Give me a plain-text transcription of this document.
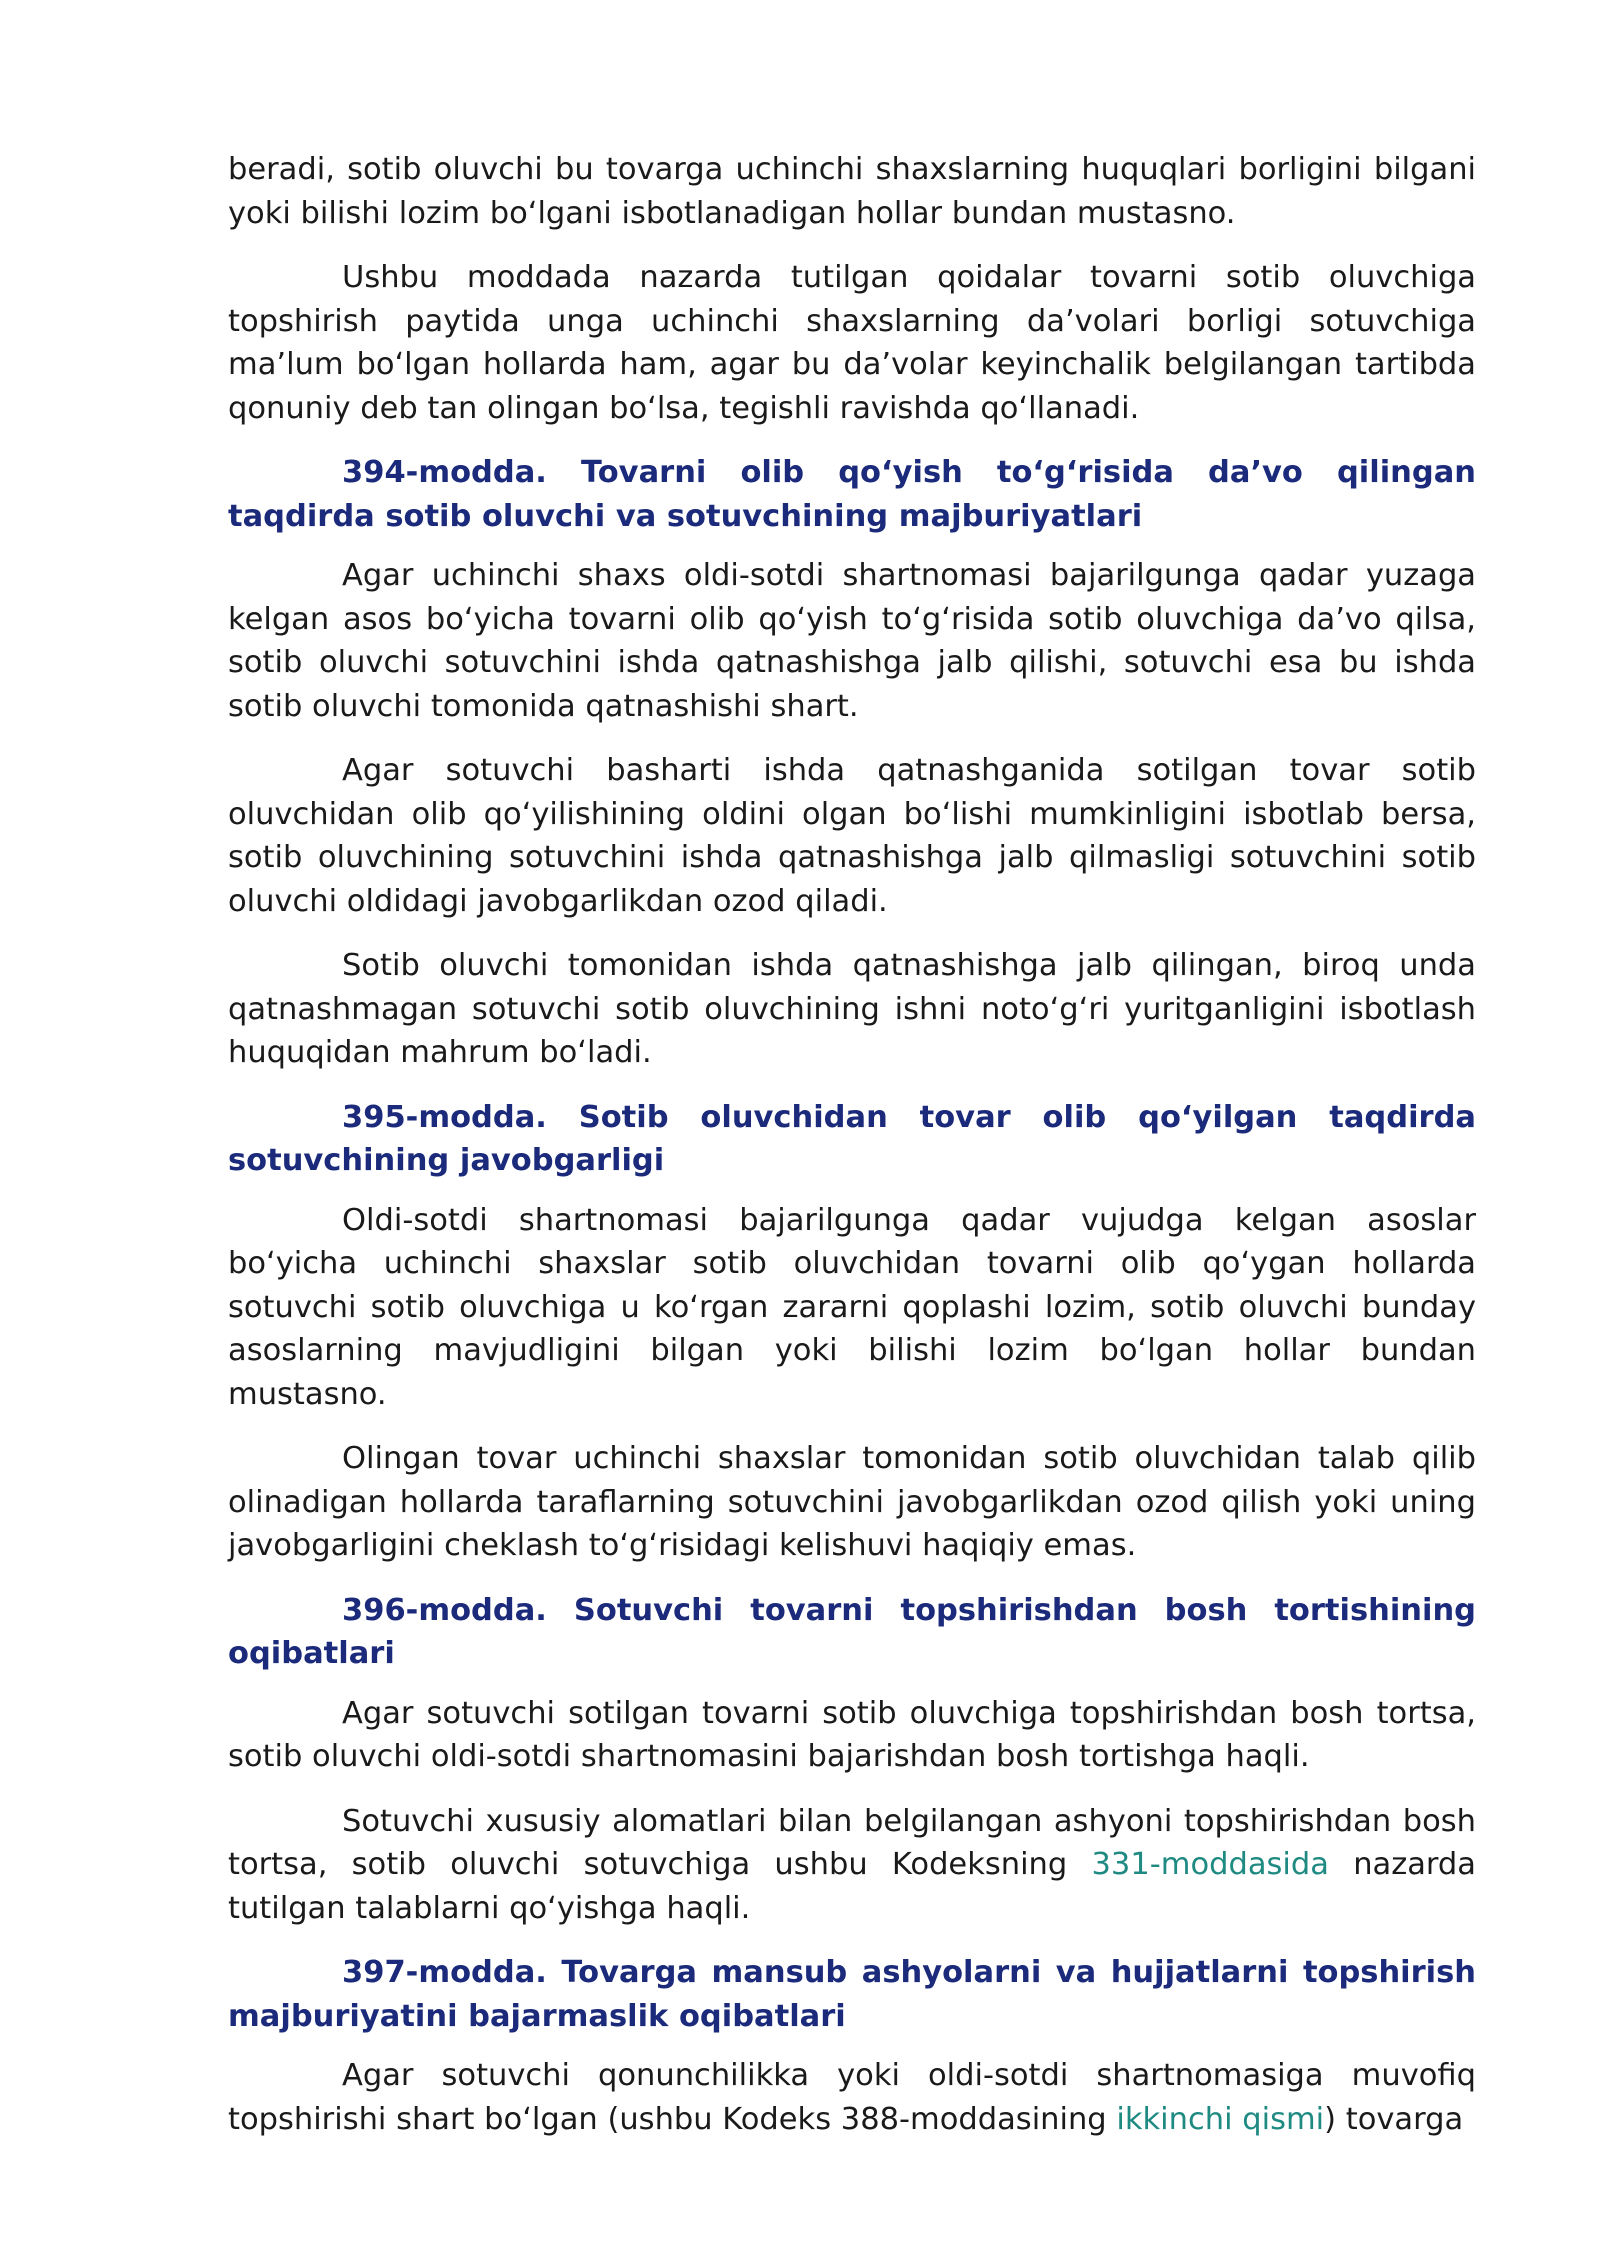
beradi, sotib oluvchi bu tovarga uchinchi shaxslarning huquqlari borligini bilgani yoki bilishi lozim bo‘lgani isbotlanadigan hollar bundan mustasno.

Ushbu moddada nazarda tutilgan qoidalar tovarni sotib oluvchiga topshirish paytida unga uchinchi shaxslarning da’volari borligi sotuvchiga ma’lum bo‘lgan hollarda ham, agar bu da’volar keyinchalik belgilangan tartibda qonuniy deb tan olingan bo‘lsa, tegishli ravishda qo‘llanadi.

394-modda. Tovarni olib qo‘yish to‘g‘risida da’vo qilingan taqdirda sotib oluvchi va sotuvchining majburiyatlari

Agar uchinchi shaxs oldi-sotdi shartnomasi bajarilgunga qadar yuzaga kelgan asos bo‘yicha tovarni olib qo‘yish to‘g‘risida sotib oluvchiga da’vo qilsa, sotib oluvchi sotuvchini ishda qatnashishga jalb qilishi, sotuvchi esa bu ishda sotib oluvchi tomonida qatnashishi shart.

Agar sotuvchi basharti ishda qatnashganida sotilgan tovar sotib oluvchidan olib qo‘yilishining oldini olgan bo‘lishi mumkinligini isbotlab bersa, sotib oluvchining sotuvchini ishda qatnashishga jalb qilmasligi sotuvchini sotib oluvchi oldidagi javobgarlikdan ozod qiladi.

Sotib oluvchi tomonidan ishda qatnashishga jalb qilingan, biroq unda qatnashmagan sotuvchi sotib oluvchining ishni noto‘g‘ri yuritganligini isbotlash huquqidan mahrum bo‘ladi.

395-modda. Sotib oluvchidan tovar olib qo‘yilgan taqdirda sotuvchining javobgarligi

Oldi-sotdi shartnomasi bajarilgunga qadar vujudga kelgan asoslar bo‘yicha uchinchi shaxslar sotib oluvchidan tovarni olib qo‘ygan hollarda sotuvchi sotib oluvchiga u ko‘rgan zararni qoplashi lozim, sotib oluvchi bunday asoslarning mavjudligini bilgan yoki bilishi lozim bo‘lgan hollar bundan mustasno.

Olingan tovar uchinchi shaxslar tomonidan sotib oluvchidan talab qilib olinadigan hollarda taraflarning sotuvchini javobgarlikdan ozod qilish yoki uning javobgarligini cheklash to‘g‘risidagi kelishuvi haqiqiy emas.

396-modda. Sotuvchi tovarni topshirishdan bosh tortishining oqibatlari

Agar sotuvchi sotilgan tovarni sotib oluvchiga topshirishdan bosh tortsa, sotib oluvchi oldi-sotdi shartnomasini bajarishdan bosh tortishga haqli.

Sotuvchi xususiy alomatlari bilan belgilangan ashyoni topshirishdan bosh tortsa, sotib oluvchi sotuvchiga ushbu Kodeksning 331-moddasida nazarda tutilgan talablarni qo‘yishga haqli.

397-modda. Tovarga mansub ashyolarni va hujjatlarni topshirish majburiyatini bajarmaslik oqibatlari

Agar sotuvchi qonunchilikka yoki oldi-sotdi shartnomasiga muvofiq topshirishi shart bo‘lgan (ushbu Kodeks 388-moddasining ikkinchi qismi) tovarga
